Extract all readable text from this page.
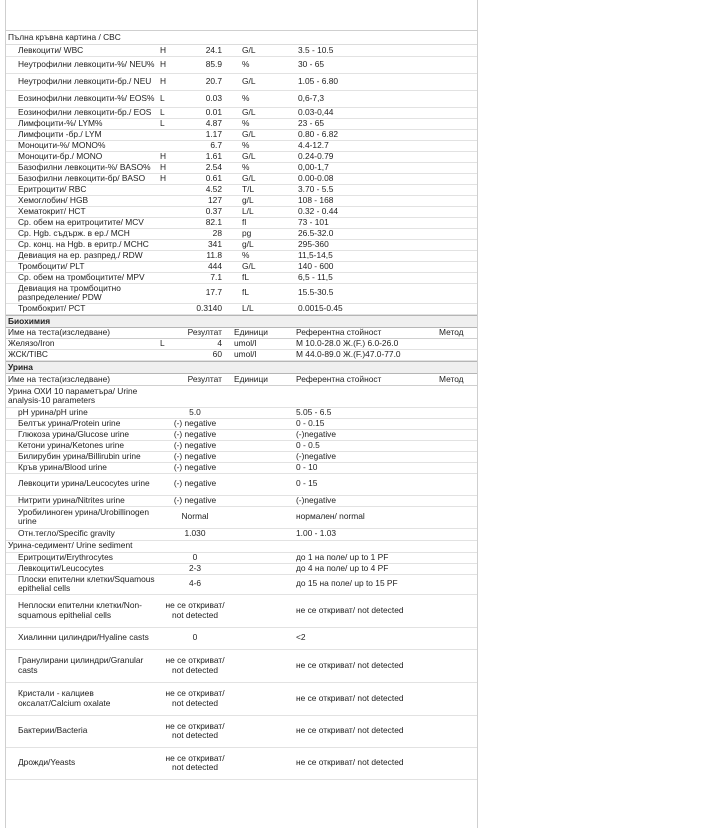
Пълна кръвна картина / CBC
Левкоцити/ WBC	H	24.1	G/L	3.5 - 10.5
Неутрофилни левкоцити-%/ NEU%	H	85.9	%	30 - 65
Неутрофилни левкоцити-бр./ NEU	H	20.7	G/L	1.05 - 6.80
Еозинофилни левкоцити-%/ EOS%	L	0.03	%	0,6-7,3
Еозинофилни левкоцити-бр./ EOS	L	0.01	G/L	0.03-0,44
Лимфоцити-%/ LYM%	L	4.87	%	23 - 65
Лимфоцити -бр./ LYM		1.17	G/L	0.80 - 6.82
Моноцити-%/ MONO%		6.7	%	4.4-12.7
Моноцити-бр./ MONO	H	1.61	G/L	0.24-0.79
Базофилни левкоцити-%/ BASO%	H	2.54	%	0,00-1,7
Базофилни левкоцити-бр/ BASO	H	0.61	G/L	0.00-0.08
Еритроцити/ RBC		4.52	T/L	3.70 - 5.5
Хемоглобин/ HGB		127	g/L	108 - 168
Хематокрит/ HCT		0.37	L/L	0.32 - 0.44
Ср. обем на еритроцитите/ MCV		82.1	fl	73 - 101
Ср. Hgb. съдърж. в ер./ MCH		28	pg	26.5-32.0
Ср. конц. на Hgb. в еритр./ MCHC		341	g/L	295-360
Девиация на ер. разпред./ RDW		11.8	%	11,5-14,5
Тромбоцити/ PLT		444	G/L	140 - 600
Ср. обем на тромбоцитите/ MPV		7.1	fL	6,5 - 11,5
Девиация на тромбоцитно разпределение/ PDW		17.7	fL	15.5-30.5
Тромбокрит/ PCT		0.3140	L/L	0.0015-0.45
Биохимия
Име на теста(изследване)		Резултат	Единици	Референтна стойност	Метод
Желязо/Iron	L	4	umol/l	M 10.0-28.0 Ж.(F.) 6.0-26.0	
ЖСК/TIBC		60	umol/l	M 44.0-89.0 Ж.(F.)47.0-77.0	
Урина
Име на теста(изследване)		Резултат	Единици	Референтна стойност	Метод
Урина ОХИ 10 параметъра/ Urine analysis-10 parameters					
pH урина/pH urine	5.0			5.05 - 6.5	
Белтък урина/Protein urine	(-) negative			0 - 0.15	
Глюкоза урина/Glucose urine	(-) negative			(-)negative	
Кетони урина/Ketones urine	(-) negative			0 - 0.5	
Билирубин урина/Billirubin urine	(-) negative			(-)negative	
Кръв урина/Blood urine	(-) negative			0 - 10	
Левкоцити урина/Leucocytes urine	(-) negative			0 - 15	
Нитрити урина/Nitrites urine	(-) negative			(-)negative	
Уробилиноген урина/Urobillinogen urine	Normal			нормален/ normal	
Отн.тегло/Specific gravity	1.030			1.00 - 1.03	
Урина-седимент/ Urine sediment					
Еритроцити/Erythrocytes	0			до 1 на поле/ up to 1 PF	
Левкоцити/Leucocytes	2-3			до 4 на поле/ up to 4 PF	
Плоски епителни клетки/Squamous epithelial cells	4-6			до 15 на поле/ up to 15 PF	
Неплоски епителни клетки/Non-squamous epithelial cells	не се откриват/ not detected			не се откриват/ not detected	
Хиалинни цилиндри/Hyaline casts	0			<2	
Гранулирани цилиндри/Granular casts	не се откриват/ not detected			не се откриват/ not detected	
Кристали - калциев оксалат/Calcium oxalate	не се откриват/ not detected			не се откриват/ not detected	
Бактерии/Bacteria	не се откриват/ not detected			не се откриват/ not detected	
Дрожди/Yeasts	не се откриват/ not detected			не се откриват/ not detected	
